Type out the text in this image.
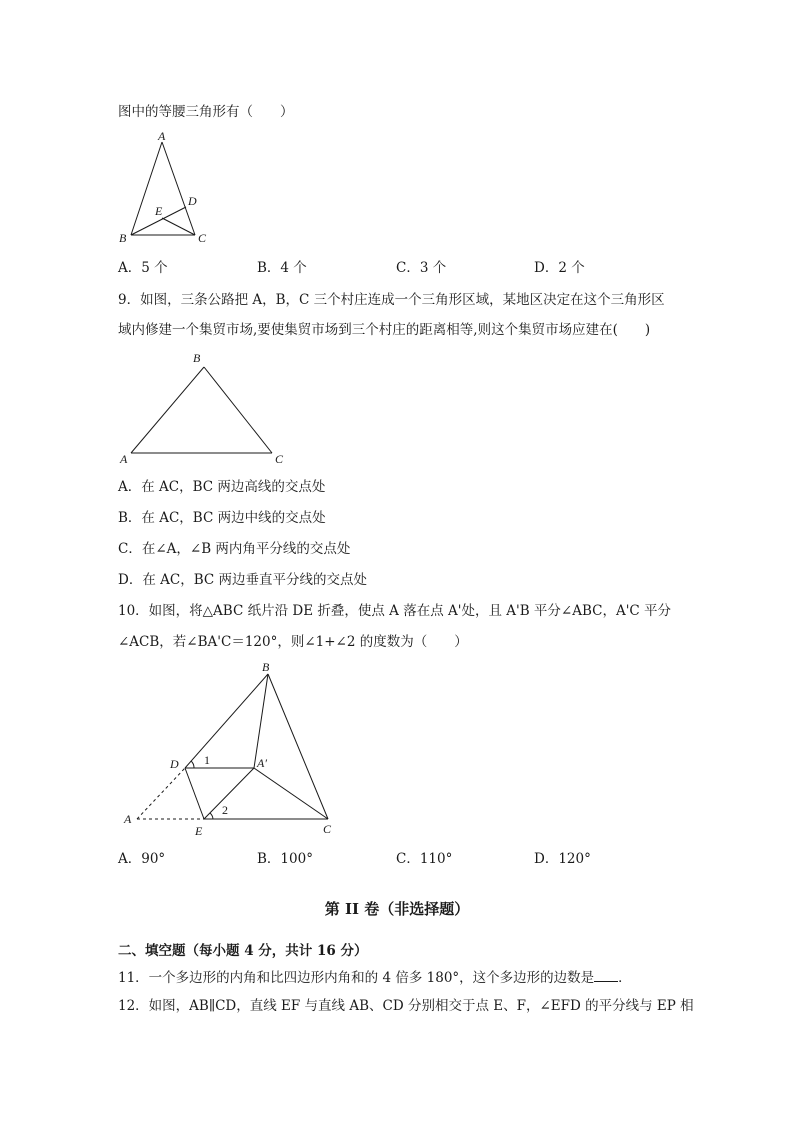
图中的等腰三角形有（　　）
A
B	C
D
E
A．5 个	B．4 个	C．3 个	D．2 个
9．如图，三条公路把 A，B，C 三个村庄连成一个三角形区域，某地区决定在这个三角形区
域内修建一个集贸市场,要使集贸市场到三个村庄的距离相等,则这个集贸市场应建在(　　)
B
A	C
A．在 AC，BC 两边高线的交点处
B．在 AC，BC 两边中线的交点处
C．在∠A，∠B 两内角平分线的交点处
D．在 AC，BC 两边垂直平分线的交点处
10．如图，将△ABC 纸片沿 DE 折叠，使点 A 落在点 A'处，且 A'B 平分∠ABC，A'C 平分
∠ACB，若∠BA'C＝120°，则∠1+∠2 的度数为（　　）
B
D	A′
A
E	C
1
2
A．90°	B．100°	C．110°	D．120°
第 II 卷（非选择题）
二、填空题（每小题 4 分，共计 16 分）
11．一个多边形的内角和比四边形内角和的 4 倍多 180°，这个多边形的边数是 ．
12．如图，AB∥CD，直线 EF 与直线 AB、CD 分别相交于点 E、F，∠EFD 的平分线与 EP 相
